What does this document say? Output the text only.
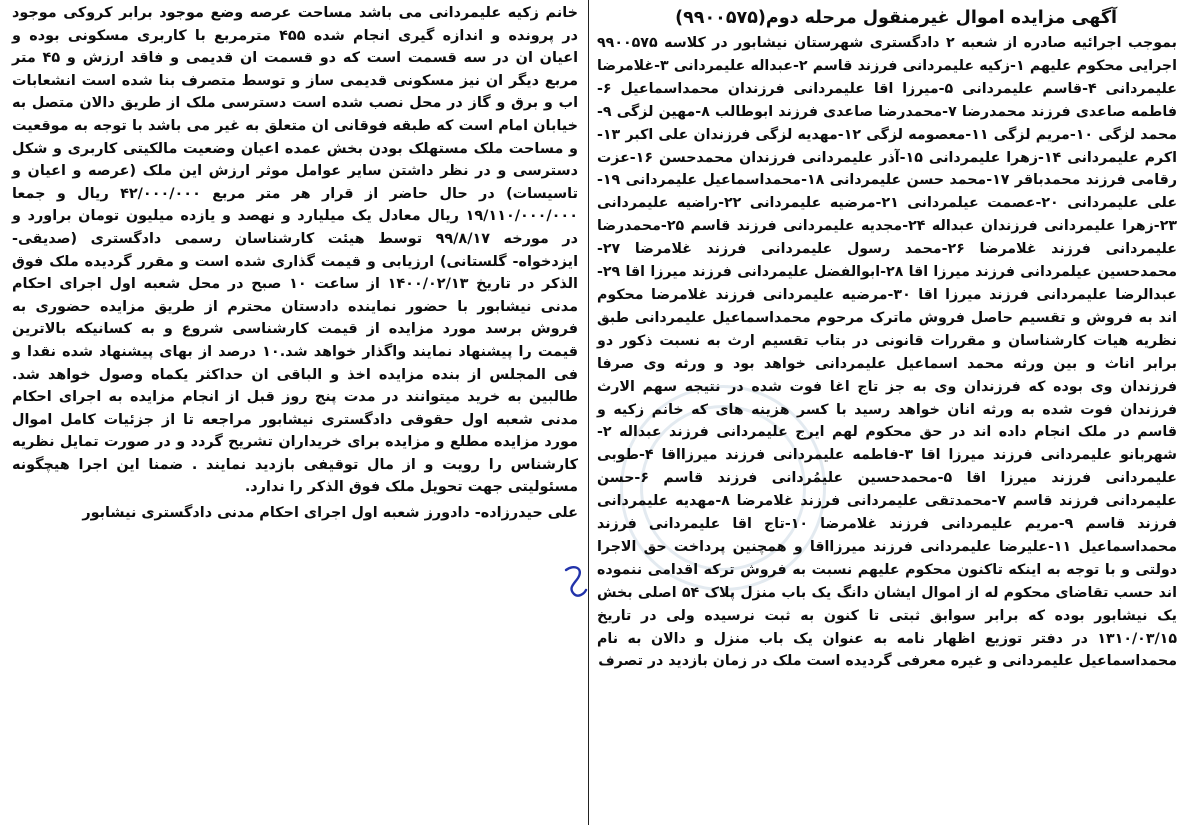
آگهی مزایده اموال غیرمنقول مرحله دوم(۹۹۰۰۵۷۵)

بموجب اجرائیه صادره از شعبه ۲ دادگستری شهرستان نیشابور در کلاسه ۹۹۰۰۵۷۵ اجرایی محکوم علیهم ۱-زکیه علیمردانی فرزند قاسم ۲-عبداله علیمردانی ۳-غلامرضا علیمردانی ۴-قاسم علیمردانی ۵-میرزا اقا علیمردانی فرزندان محمداسماعیل ۶-فاطمه صاعدی فرزند محمدرضا ۷-محمدرضا صاعدی فرزند ابوطالب ۸-مهین لزگی ۹-محمد لزگی ۱۰-مریم لزگی ۱۱-معصومه لزگی ۱۲-مهدیه لزگی فرزندان علی اکبر ۱۳-اکرم علیمردانی ۱۴-زهرا علیمردانی ۱۵-آذر علیمردانی فرزندان محمدحسن ۱۶-عزت رقامی فرزند محمدباقر ۱۷-محمد حسن علیمردانی ۱۸-محمداسماعیل علیمردانی ۱۹-علی علیمردانی ۲۰-عصمت عیلمردانی ۲۱-مرضیه علیمردانی ۲۲-راضیه علیمردانی ۲۳-زهرا علیمردانی فرزندان عبداله ۲۴-مجدیه علیمردانی فرزند قاسم ۲۵-محمدرضا علیمردانی فرزند غلامرضا ۲۶-محمد رسول علیمردانی فرزند غلامرضا ۲۷-محمدحسین عیلمردانی فرزند میرزا اقا ۲۸-ابوالفضل علیمردانی فرزند میرزا اقا ۲۹-عبدالرضا علیمردانی فرزند میرزا اقا ۳۰-مرضیه علیمردانی فرزند غلامرضا محکوم اند به فروش و تقسیم حاصل فروش ماترک مرحوم محمداسماعیل علیمردانی طبق نظریه هیات کارشناسان و مقررات قانونی در بتاب تقسیم ارث به نسبت ذکور دو برابر اناث و بین ورثه محمد اسماعیل علیمردانی خواهد بود و ورثه وی صرفا فرزندان وی بوده که فرزندان وی به جز تاج اغا فوت شده در نتیجه سهم الارث فرزندان فوت شده به ورثه انان خواهد رسید با کسر هزینه های که خانم زکیه و قاسم در ملک انجام داده اند در حق محکوم لهم ایرج علیمردانی فرزند عبداله ۲-شهربانو علیمردانی فرزند میرزا اقا ۳-فاطمه علیمردانی فرزند میرزااقا ۴-طوبی علیمردانی فرزند میرزا اقا ۵-محمدحسین علیمُردانی فرزند قاسم ۶-حسن علیمردانی فرزند قاسم ۷-محمدتقی علیمردانی فرزند غلامرضا ۸-مهدیه علیمردانی فرزند قاسم ۹-مریم علیمردانی فرزند غلامرضا ۱۰-تاج اقا علیمردانی فرزند محمداسماعیل ۱۱-علیرضا علیمردانی فرزند میرزااقا و همچنین پرداخت حق الاجرا دولتی و با توجه به اینکه تاکنون محکوم علیهم نسبت به فروش ترکه اقدامی ننموده اند حسب تقاضای محکوم له از اموال ایشان دانگ یک باب منزل پلاک ۵۴ اصلی بخش یک نیشابور بوده که برابر سوابق ثبتی تا کنون به ثبت نرسیده ولی در تاریخ ۱۳۱۰/۰۳/۱۵ در دفتر توزیع اظهار نامه به عنوان یک باب منزل و دالان به نام محمداسماعیل علیمردانی و غیره معرفی گردیده است ملک در زمان بازدید در تصرف

خانم زکیه علیمردانی می باشد مساحت عرصه وضع موجود برابر کروکی موجود در پرونده و اندازه گیری انجام شده ۴۵۵ مترمربع با کاربری مسکونی بوده و اعیان ان در سه قسمت است که دو قسمت ان قدیمی و فاقد ارزش و ۴۵ متر مربع دیگر ان نیز مسکونی قدیمی ساز و توسط متصرف بنا شده است انشعابات اب و برق و گاز در محل نصب شده است دسترسی ملک از طریق دالان متصل به خیابان امام است که طبقه فوقانی ان متعلق به غیر می باشد با توجه به موقعیت و مساحت ملک مستهلک بودن بخش عمده اعیان وضعیت مالکیتی کاربری و شکل دسترسی و در نظر داشتن سایر عوامل موثر ارزش این ملک (عرصه و اعیان و تاسیسات) در حال حاضر از قرار هر متر مربع ۴۲/۰۰۰/۰۰۰ ریال و جمعا ۱۹/۱۱۰/۰۰۰/۰۰۰ ریال معادل یک میلیارد و نهصد و یازده میلیون تومان براورد و در مورخه ۹۹/۸/۱۷ توسط هیئت کارشناسان رسمی دادگستری (صدیقی- ایزدخواه- گلستانی) ارزیابی و قیمت گذاری شده است و مقرر گردیده ملک فوق الذکر در تاریخ ۱۴۰۰/۰۲/۱۳ از ساعت ۱۰ صبح در محل شعبه اول اجرای احکام مدنی نیشابور با حضور نماینده دادستان محترم از طریق مزایده حضوری به فروش برسد مورد مزایده از قیمت کارشناسی شروع و به کسانیکه بالاترین قیمت را پیشنهاد نمایند واگذار خواهد شد.۱۰ درصد از بهای پیشنهاد شده نقدا و فی المجلس از بنده مزایده اخذ و الباقی ان حداکثر یکماه وصول خواهد شد. طالبین به خرید میتوانند در مدت پنج روز قبل از انجام مزایده به اجرای احکام مدنی شعبه اول حقوقی دادگستری نیشابور مراجعه تا از جزئیات کامل اموال مورد مزایده مطلع و مزایده برای خریداران تشریح گردد و در صورت تمایل نظریه کارشناس را رویت و از مال توقیفی بازدید نمایند . ضمنا این اجرا هیچگونه مسئولیتی جهت تحویل ملک فوق الذکر را ندارد.

علی حیدرزاده- دادورز شعبه اول اجرای احکام مدنی دادگستری نیشابور
